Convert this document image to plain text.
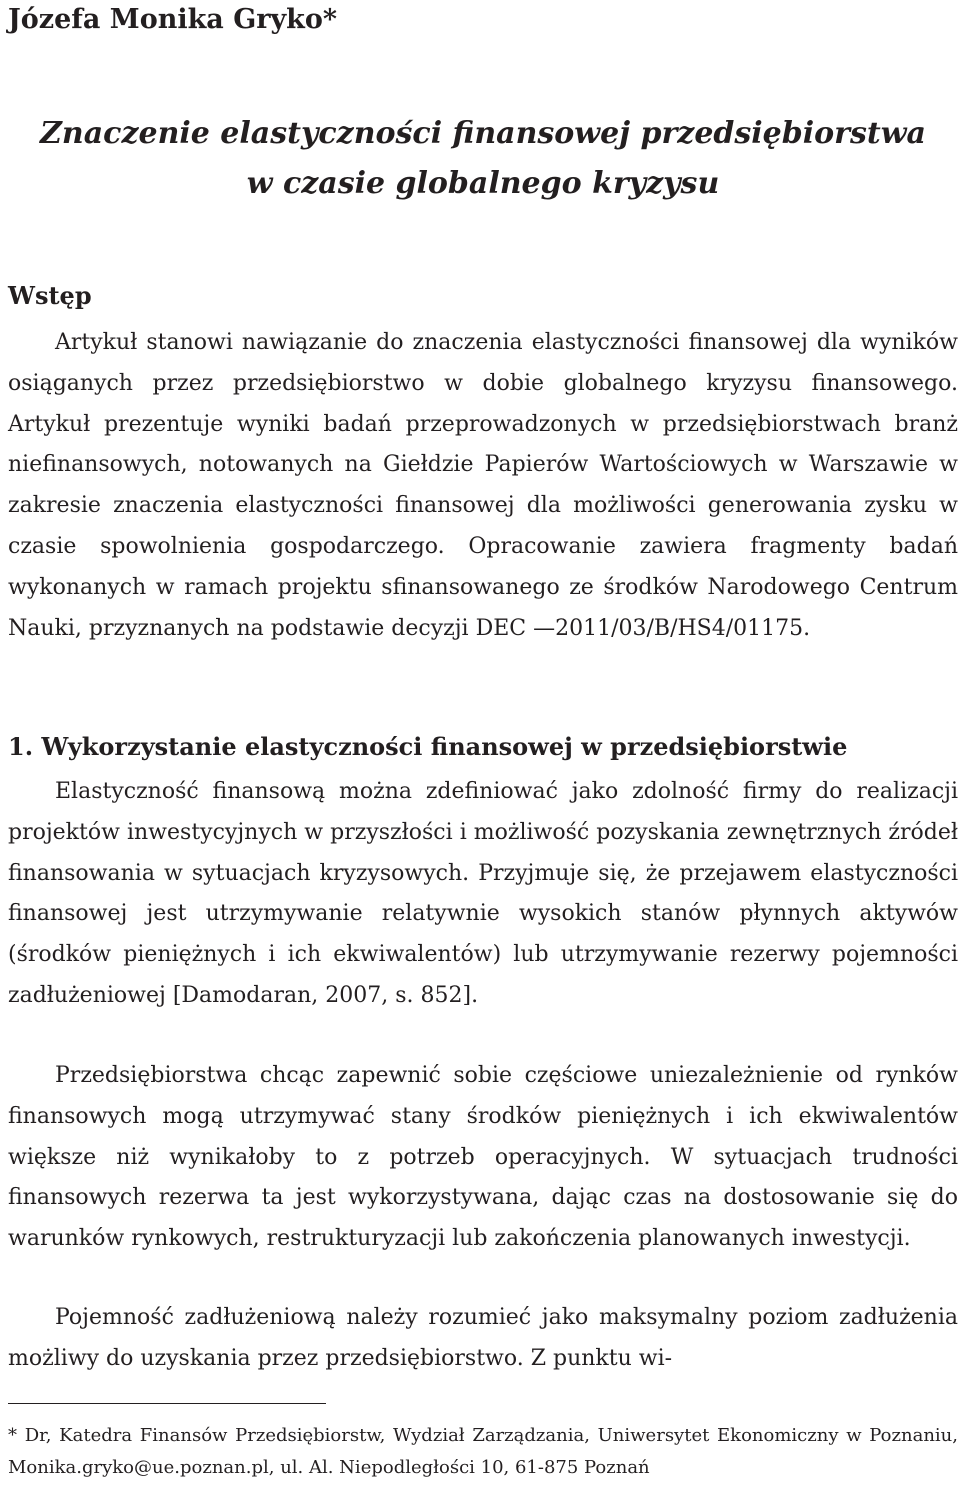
Józefa Monika Gryko*
Znaczenie elastyczności finansowej przedsiębiorstwa
w czasie globalnego kryzysu
Wstęp
Artykuł stanowi nawiązanie do znaczenia elastyczności finansowej dla wyników osiąganych przez przedsiębiorstwo w dobie globalnego kryzysu finansowego. Artykuł prezentuje wyniki badań przeprowadzonych w przedsiębiorstwach branż niefinansowych, notowanych na Giełdzie Papierów Wartościowych w Warszawie w zakresie znaczenia elastyczności finansowej dla możliwości generowania zysku w czasie spowolnienia gospodarczego. Opracowanie zawiera fragmenty badań wykonanych w ramach projektu sfinansowanego ze środków Narodowego Centrum Nauki, przyznanych na podstawie decyzji DEC —2011/03/B/HS4/01175.
1. Wykorzystanie elastyczności finansowej w przedsiębiorstwie
Elastyczność finansową można zdefiniować jako zdolność firmy do realizacji projektów inwestycyjnych w przyszłości i możliwość pozyskania zewnętrznych źródeł finansowania w sytuacjach kryzysowych. Przyjmuje się, że przejawem elastyczności finansowej jest utrzymywanie relatywnie wysokich stanów płynnych aktywów (środków pieniężnych i ich ekwiwalentów) lub utrzymywanie rezerwy pojemności zadłużeniowej [Damodaran, 2007, s. 852].
Przedsiębiorstwa chcąc zapewnić sobie częściowe uniezależnienie od rynków finansowych mogą utrzymywać stany środków pieniężnych i ich ekwiwalentów większe niż wynikałoby to z potrzeb operacyjnych. W sytuacjach trudności finansowych rezerwa ta jest wykorzystywana, dając czas na dostosowanie się do warunków rynkowych, restrukturyzacji lub zakończenia planowanych inwestycji.
Pojemność zadłużeniową należy rozumieć jako maksymalny poziom zadłużenia możliwy do uzyskania przez przedsiębiorstwo. Z punktu wi-
* Dr, Katedra Finansów Przedsiębiorstw, Wydział Zarządzania, Uniwersytet Ekonomiczny w Poznaniu, Monika.gryko@ue.poznan.pl, ul. Al. Niepodległości 10, 61-875 Poznań
